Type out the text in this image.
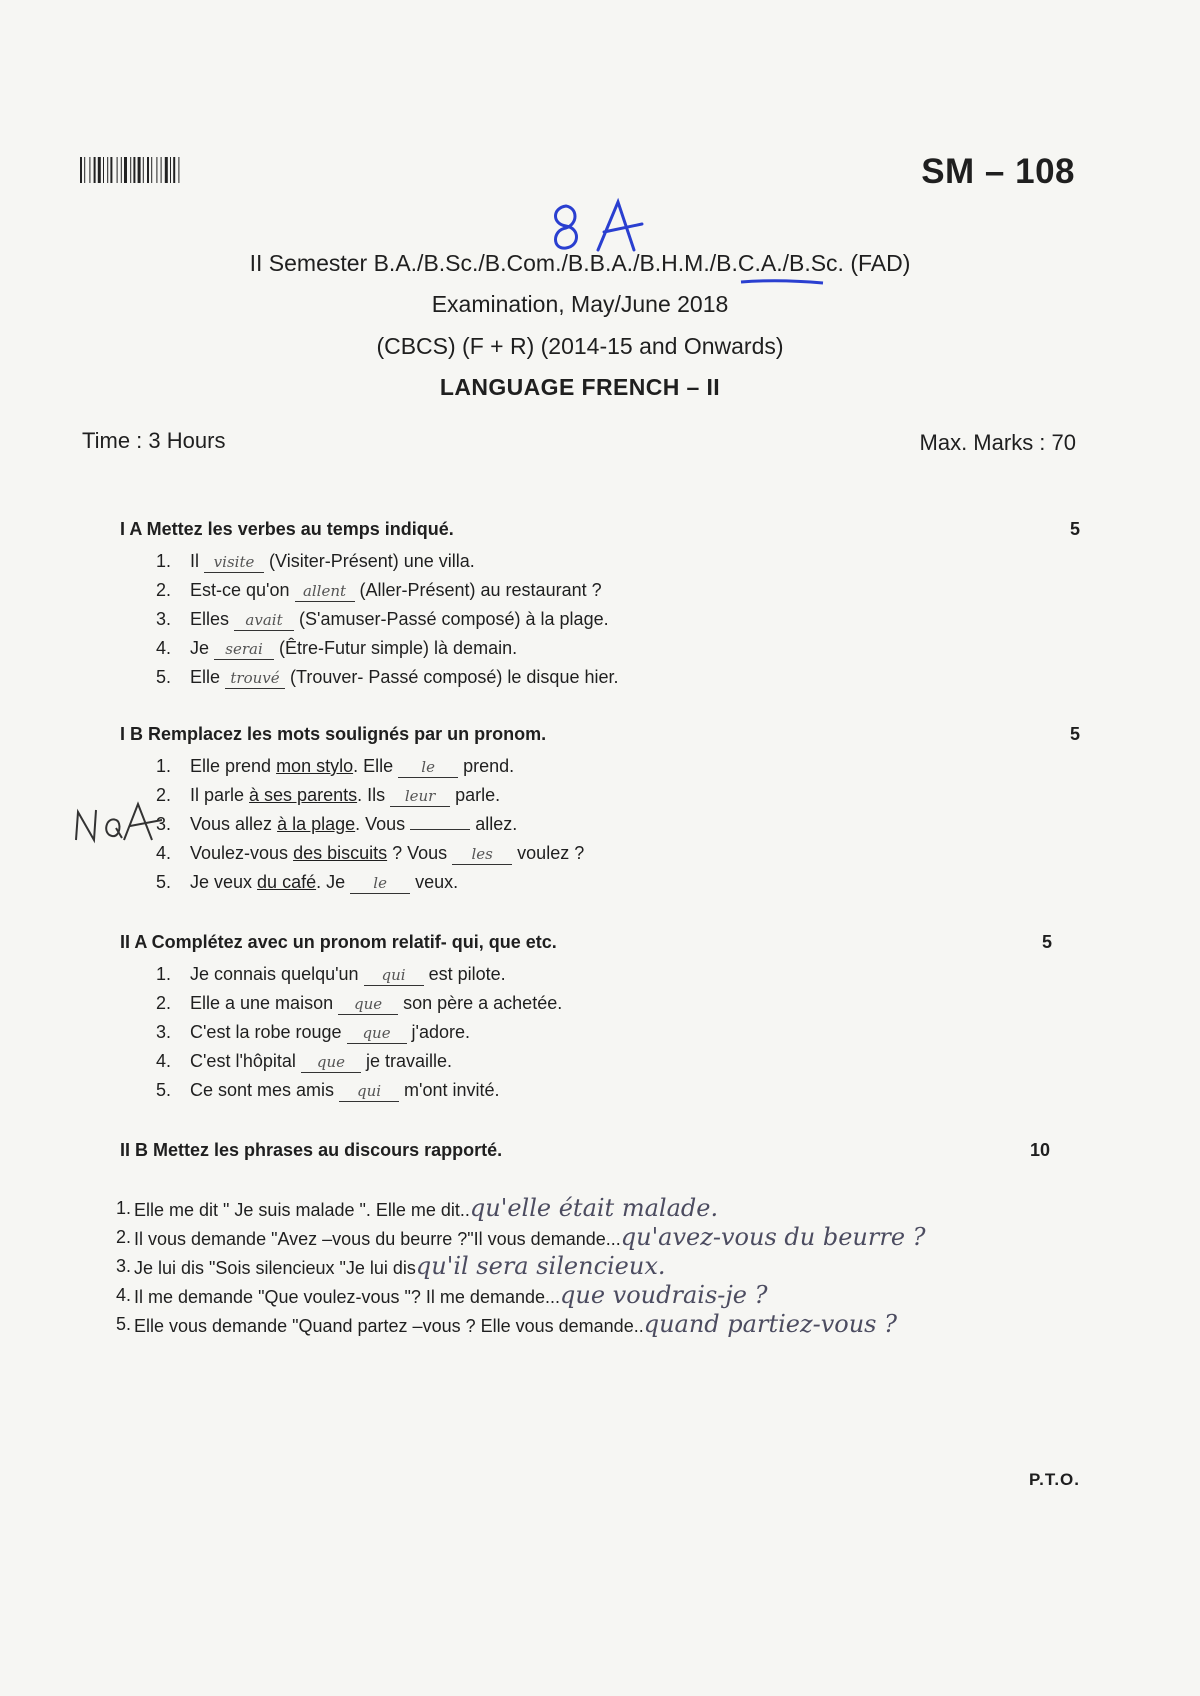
SM – 108
II Semester B.A./B.Sc./B.Com./B.B.A./B.H.M./B.C.A./B.Sc. (FAD)
Examination, May/June 2018
(CBCS) (F + R) (2014-15 and Onwards)
LANGUAGE FRENCH – II
Time : 3 Hours	Max. Marks : 70
I A Mettez les verbes au temps indiqué.	5
1.	Il visite (Visiter-Présent) une villa.
2.	Est-ce qu'on allent (Aller-Présent) au restaurant ?
3.	Elles avait (S'amuser-Passé composé) à la plage.
4.	Je serai (Être-Futur simple) là demain.
5.	Elle trouvé (Trouver- Passé composé) le disque hier.
I B Remplacez les mots soulignés par un pronom.	5
1.	Elle prend mon stylo. Elle le prend.
2.	Il parle à ses parents. Ils leur parle.
3.	Vous allez à la plage. Vous	allez.
4.	Voulez-vous des biscuits ? Vous les voulez ?
5.	Je veux du café. Je le veux.
II A Complétez avec un pronom relatif- qui, que etc.	5
1.	Je connais quelqu'un qui est pilote.
2.	Elle a une maison que son père a achetée.
3.	C'est la robe rouge que j'adore.
4.	C'est l'hôpital que je travaille.
5.	Ce sont mes amis qui m'ont invité.
II B Mettez les phrases au discours rapporté.	10
1. Elle me dit " Je suis malade ". Elle me dit..qu'elle était malade.
2. Il vous demande "Avez –vous du beurre ?"Il vous demande...qu'avez-vous du beurre ?
3. Je lui dis "Sois silencieux "Je lui disqu'il sera silencieux.
4. Il me demande "Que voulez-vous "? Il me demande...que voudrais-je ?
5. Elle vous demande "Quand partez –vous ? Elle vous demande..quand partiez-vous ?
P.T.O.
